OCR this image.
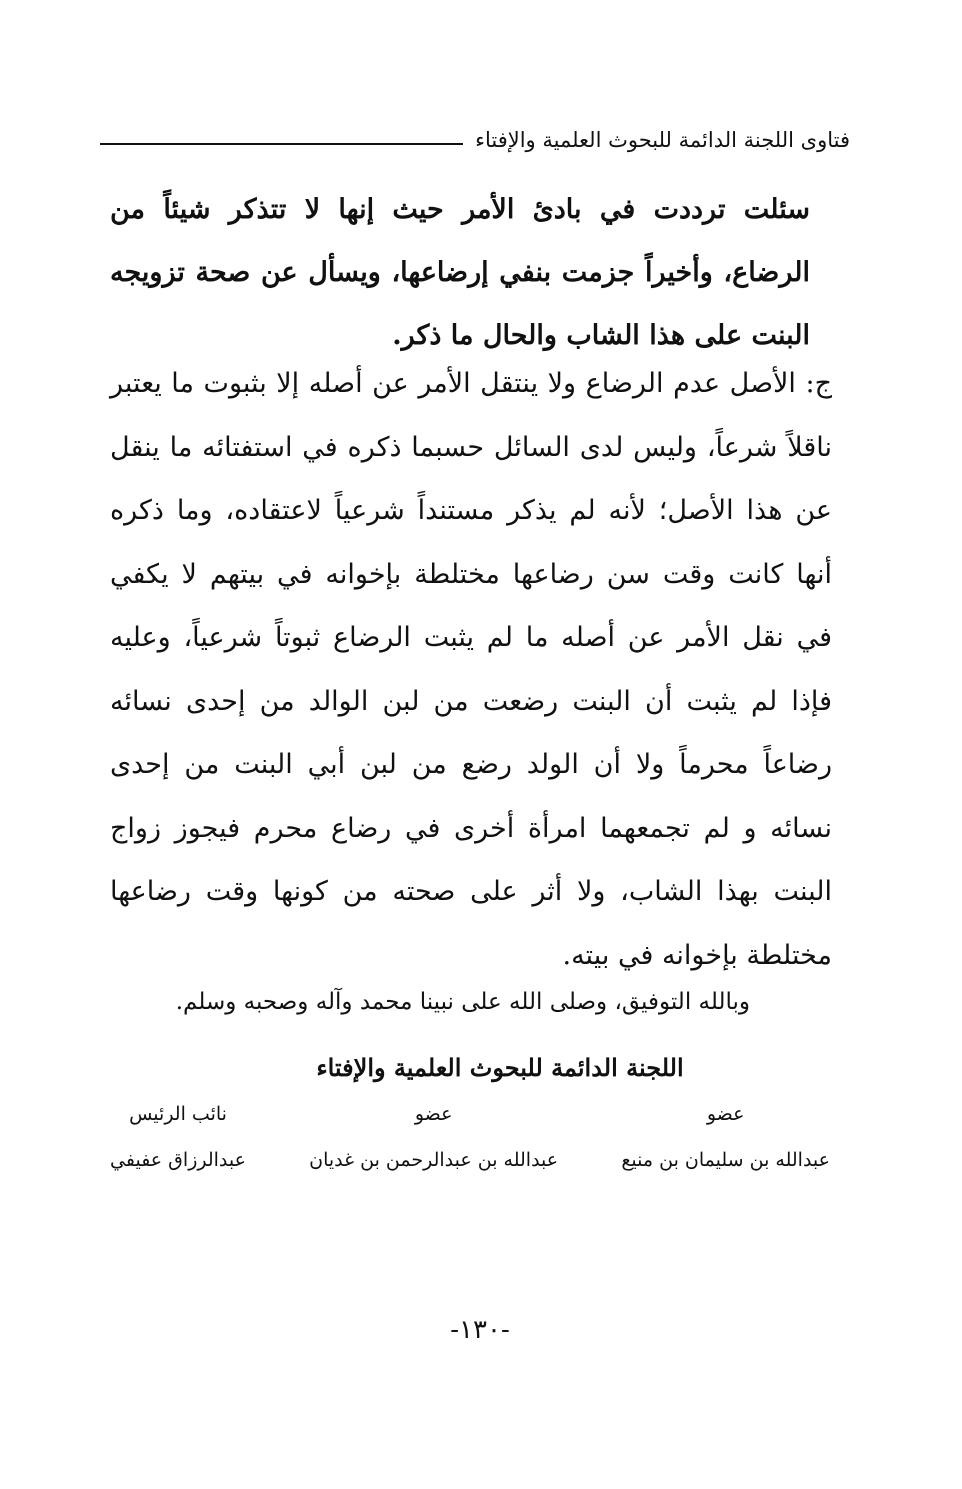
فتاوى اللجنة الدائمة للبحوث العلمية والإفتاء
سئلت ترددت في بادئ الأمر حيث إنها لا تتذكر شيئاً من الرضاع، وأخيراً جزمت بنفي إرضاعها، ويسأل عن صحة تزويجه البنت على هذا الشاب والحال ما ذكر.
ج: الأصل عدم الرضاع ولا ينتقل الأمر عن أصله إلا بثبوت ما يعتبر ناقلاً شرعاً، وليس لدى السائل حسبما ذكره في استفتائه ما ينقل عن هذا الأصل؛ لأنه لم يذكر مستنداً شرعياً لاعتقاده، وما ذكره أنها كانت وقت سن رضاعها مختلطة بإخوانه في بيتهم لا يكفي في نقل الأمر عن أصله ما لم يثبت الرضاع ثبوتاً شرعياً، وعليه فإذا لم يثبت أن البنت رضعت من لبن الوالد من إحدى نسائه رضاعاً محرماً ولا أن الولد رضع من لبن أبي البنت من إحدى نسائه و لم تجمعهما امرأة أخرى في رضاع محرم فيجوز زواج البنت بهذا الشاب، ولا أثر على صحته من كونها وقت رضاعها مختلطة بإخوانه في بيته.
وبالله التوفيق، وصلى الله على نبينا محمد وآله وصحبه وسلم.
اللجنة الدائمة للبحوث العلمية والإفتاء
عضو
عبدالله بن سليمان بن منيع
عضو
عبدالله بن عبدالرحمن بن غديان
نائب الرئيس
عبدالرزاق عفيفي
-١٣٠-
